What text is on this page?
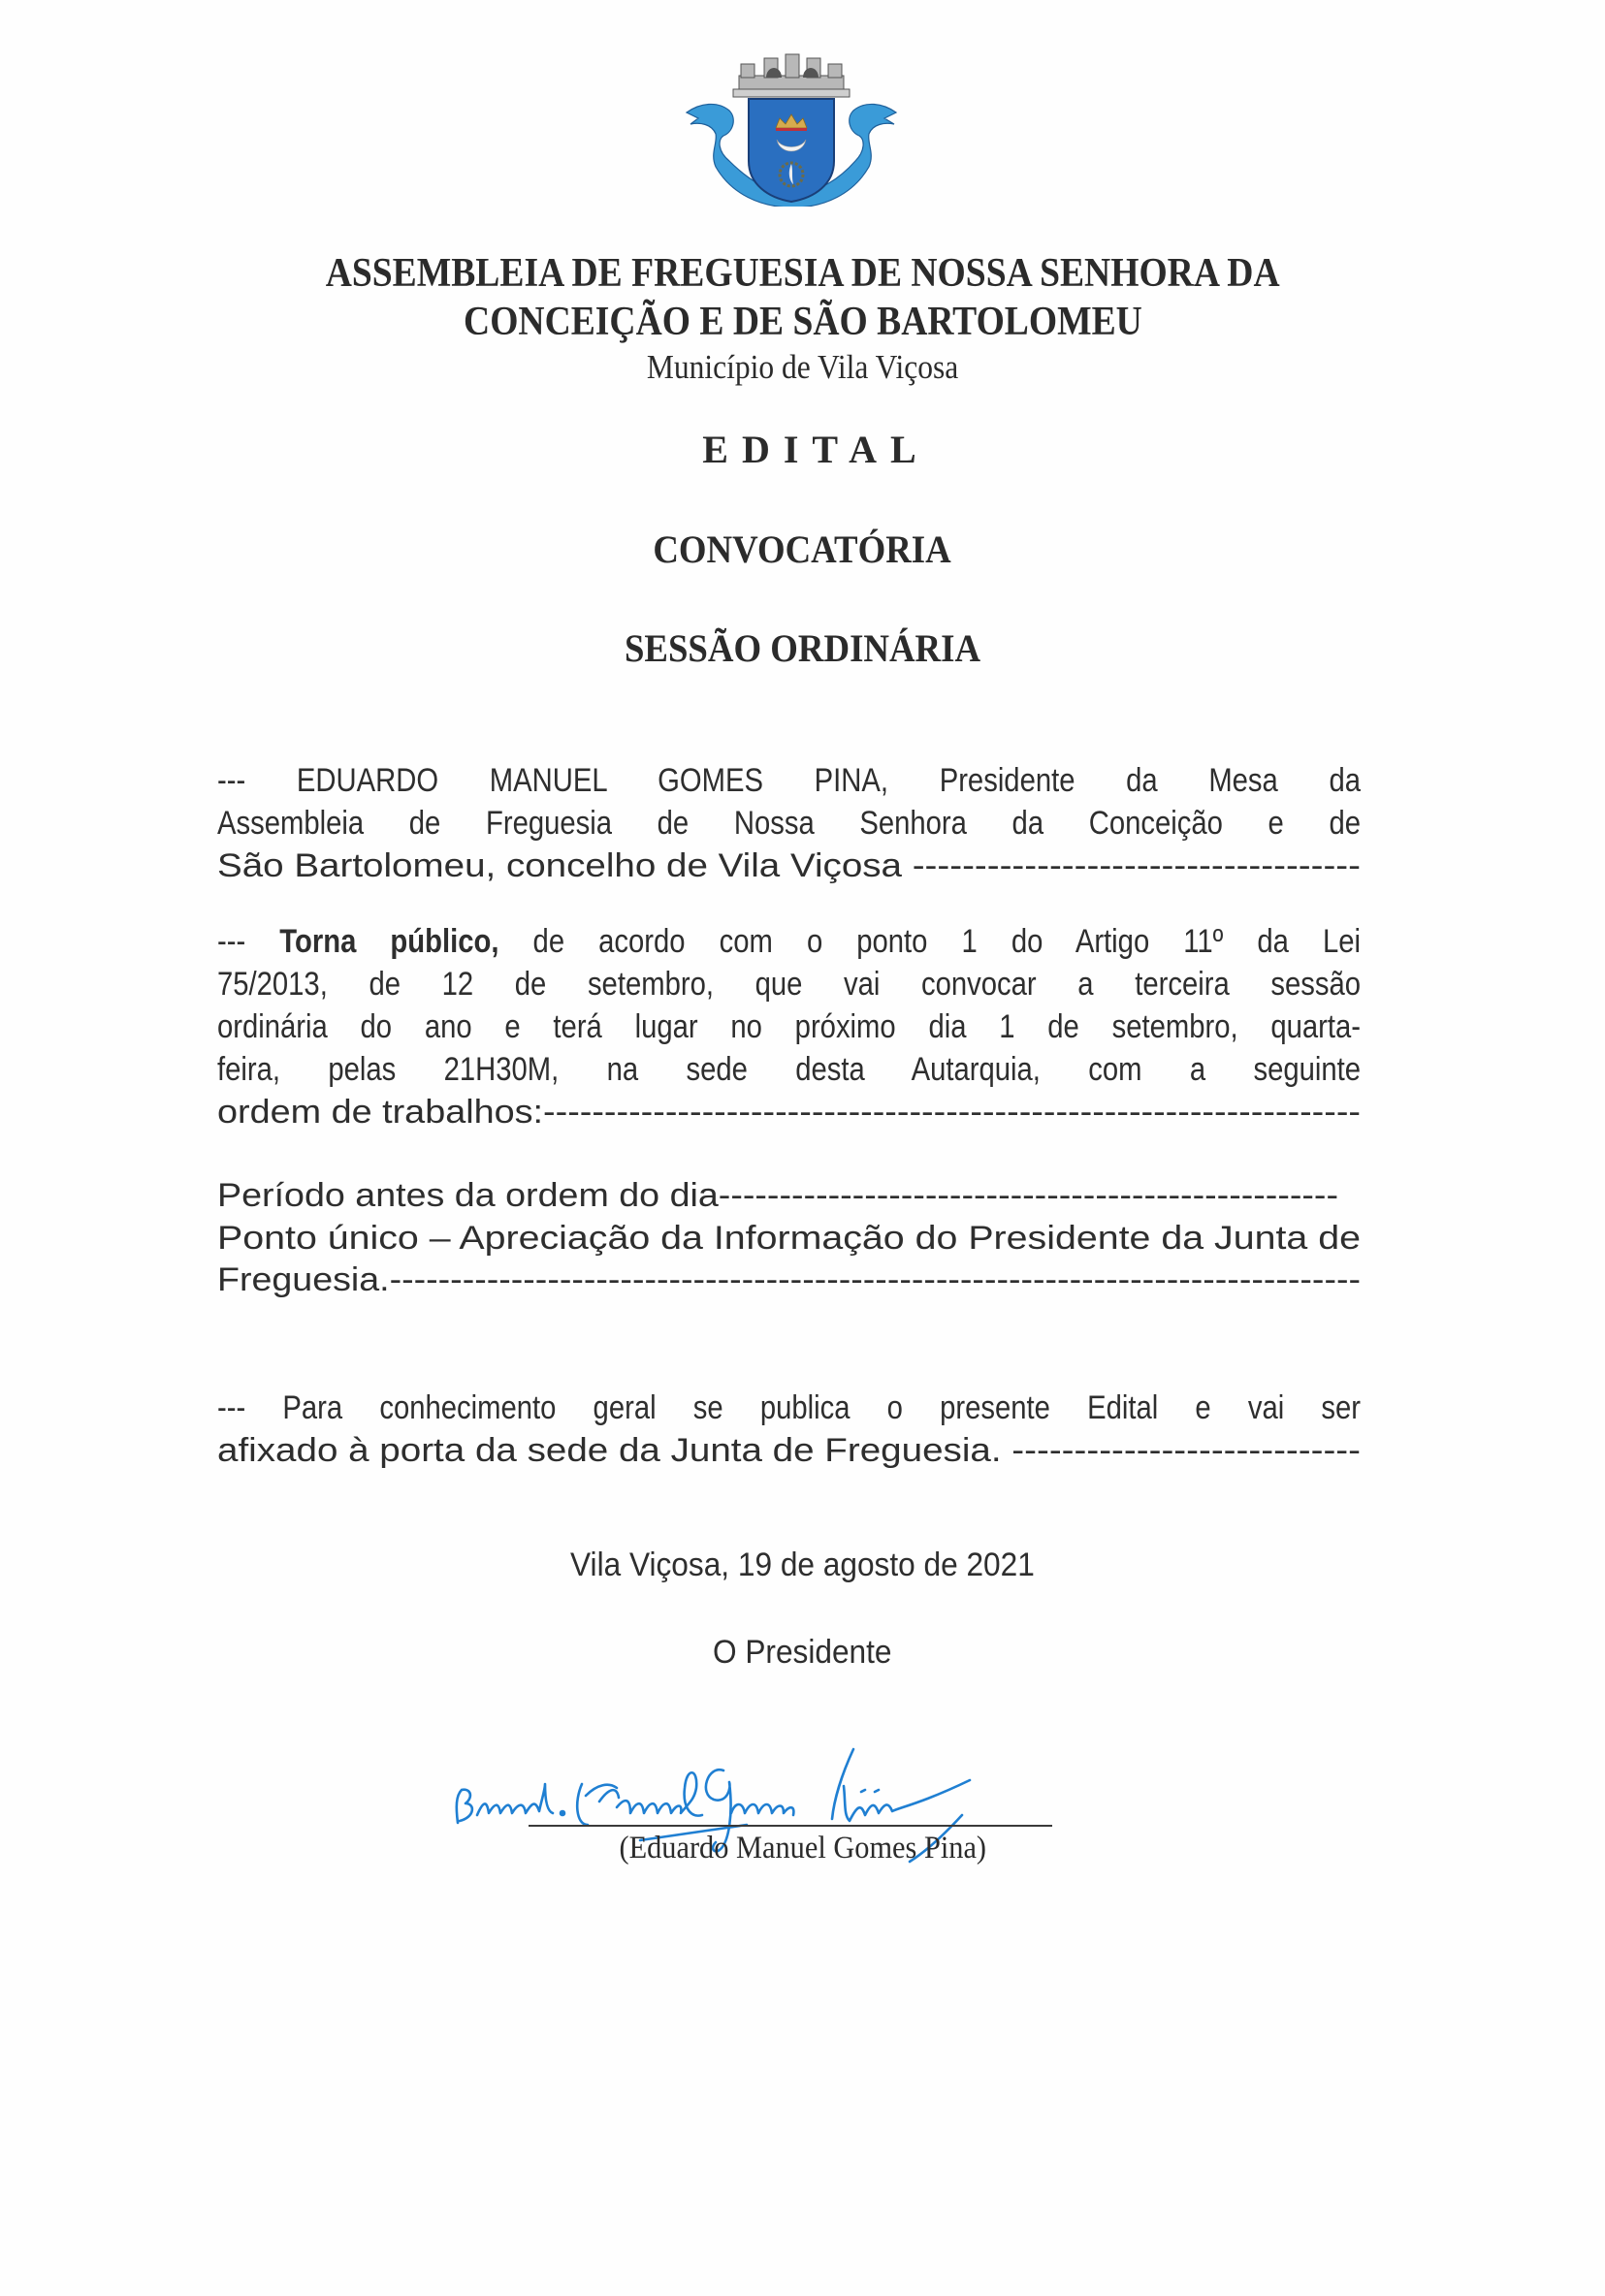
ASSEMBLEIA DE FREGUESIA DE NOSSA SENHORA DA
CONCEIÇÃO E DE SÃO BARTOLOMEU
Município de Vila Viçosa
EDITAL
CONVOCATÓRIA
SESSÃO ORDINÁRIA
--- EDUARDO MANUEL GOMES PINA, Presidente da Mesa da
Assembleia de Freguesia de Nossa Senhora da Conceição e de
São Bartolomeu, concelho de Vila Viçosa ------------------------------------
--- Torna público, de acordo com o ponto 1 do Artigo 11º da Lei
75/2013, de 12 de setembro, que vai convocar a terceira sessão
ordinária do ano e terá lugar no próximo dia 1 de setembro, quarta-
feira, pelas 21H30M, na sede desta Autarquia, com a seguinte
ordem de trabalhos:-------------------------------------------------------------------
Período antes da ordem do dia---------------------------------------------------
Ponto único – Apreciação da Informação do Presidente da Junta de
Freguesia.--------------------------------------------------------------------------------
--- Para conhecimento geral se publica o presente Edital e vai ser
afixado à porta da sede da Junta de Freguesia. ----------------------------
Vila Viçosa, 19 de agosto de 2021
O Presidente
(Eduardo Manuel Gomes Pina)
